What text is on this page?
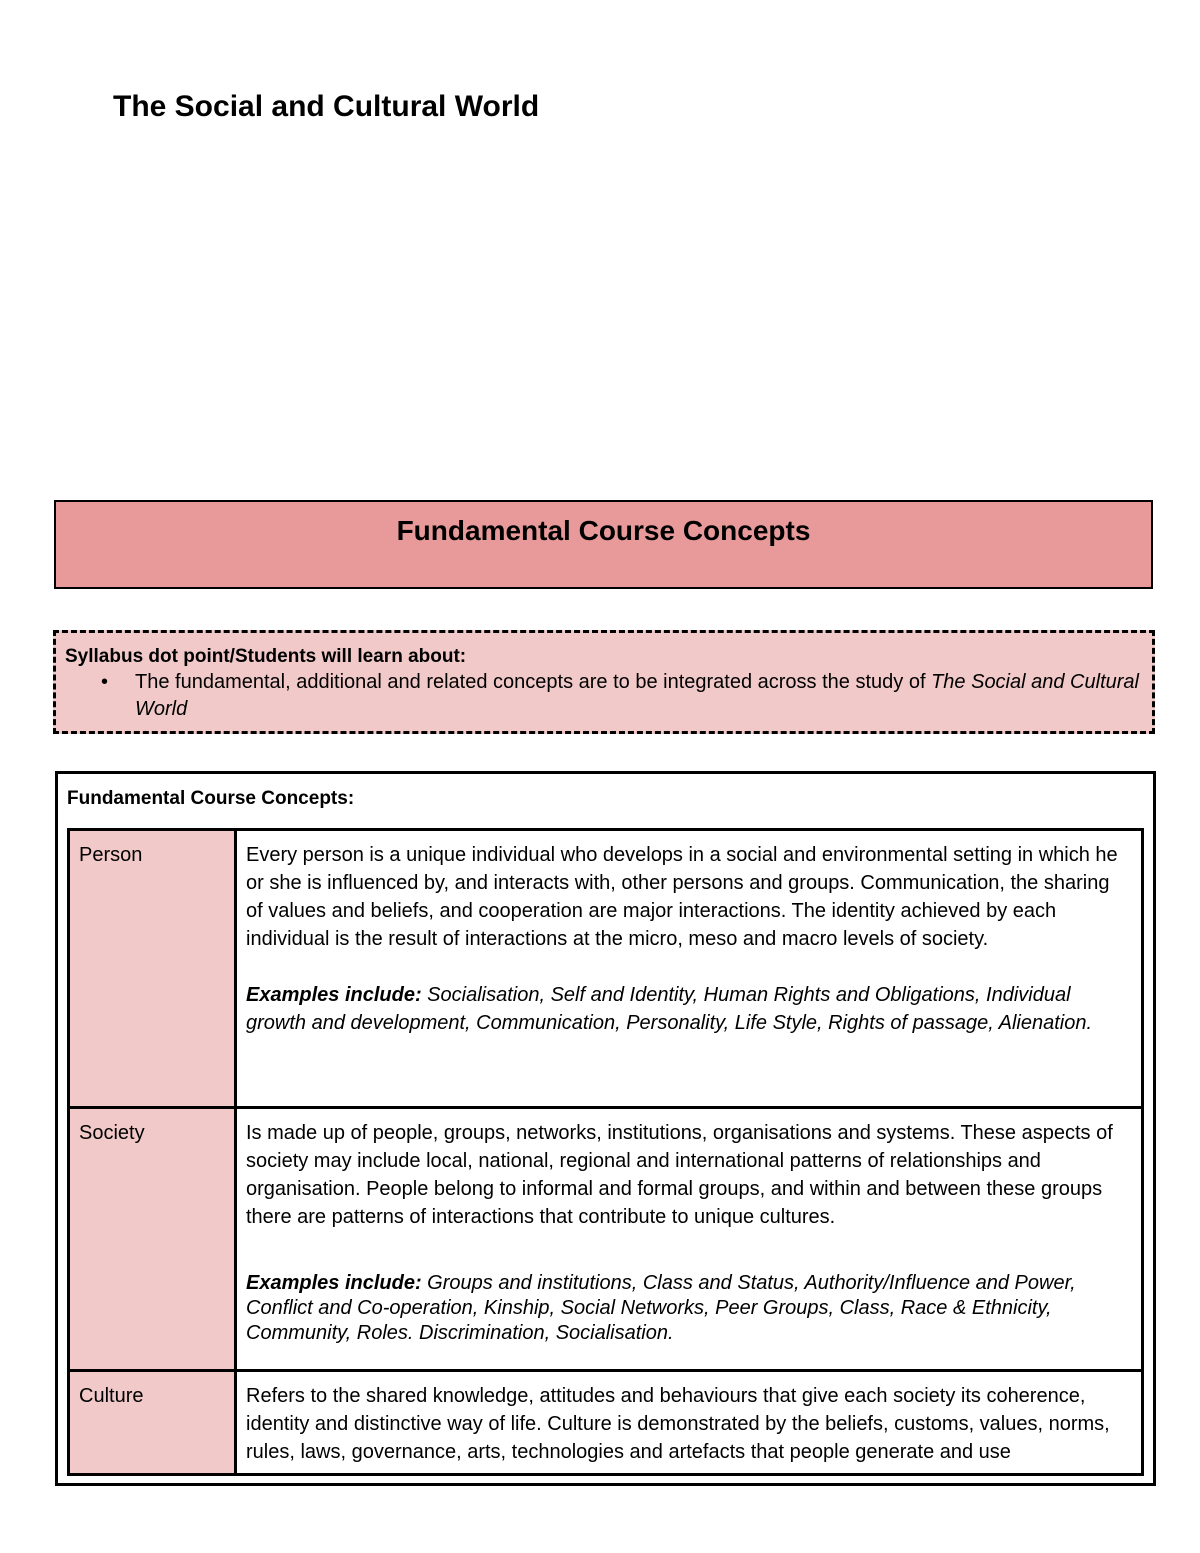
The Social and Cultural World
Fundamental Course Concepts

Syllabus dot point/Students will learn about:

• The fundamental, additional and related concepts are to be integrated across the study of The Social and Cultural World

Fundamental Course Concepts:

Person	Every person is a unique individual who develops in a social and environmental setting in which he or she is influenced by, and interacts with, other persons and groups. Communication, the sharing of values and beliefs, and cooperation are major interactions. The identity achieved by each individual is the result of interactions at the micro, meso and macro levels of society.

Examples include: Socialisation, Self and Identity, Human Rights and Obligations, Individual growth and development, Communication, Personality, Life Style, Rights of passage, Alienation.

Society	Is made up of people, groups, networks, institutions, organisations and systems. These aspects of society may include local, national, regional and international patterns of relationships and organisation. People belong to informal and formal groups, and within and between these groups there are patterns of interactions that contribute to unique cultures.

Examples include: Groups and institutions, Class and Status, Authority/Influence and Power, Conflict and Co-operation, Kinship, Social Networks, Peer Groups, Class, Race & Ethnicity, Community, Roles. Discrimination, Socialisation.

Culture	Refers to the shared knowledge, attitudes and behaviours that give each society its coherence, identity and distinctive way of life. Culture is demonstrated by the beliefs, customs, values, norms, rules, laws, governance, arts, technologies and artefacts that people generate and use
